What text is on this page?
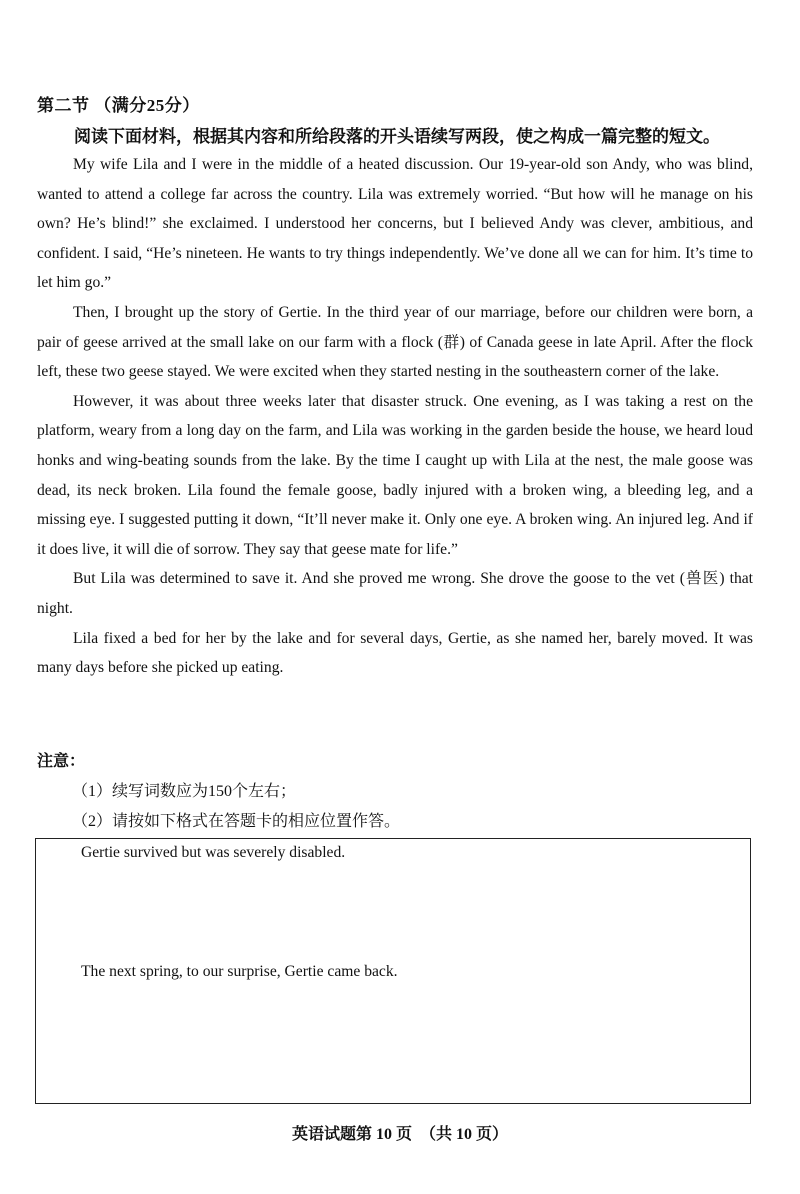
第二节 （满分25分）
阅读下面材料，根据其内容和所给段落的开头语续写两段，使之构成一篇完整的短文。

My wife Lila and I were in the middle of a heated discussion. Our 19-year-old son Andy, who was blind, wanted to attend a college far across the country. Lila was extremely worried. “But how will he manage on his own? He’s blind!” she exclaimed. I understood her concerns, but I believed Andy was clever, ambitious, and confident. I said, “He’s nineteen. He wants to try things independently. We’ve done all we can for him. It’s time to let him go.”

Then, I brought up the story of Gertie. In the third year of our marriage, before our children were born, a pair of geese arrived at the small lake on our farm with a flock (群) of Canada geese in late April. After the flock left, these two geese stayed. We were excited when they started nesting in the southeastern corner of the lake.

However, it was about three weeks later that disaster struck. One evening, as I was taking a rest on the platform, weary from a long day on the farm, and Lila was working in the garden beside the house, we heard loud honks and wing-beating sounds from the lake. By the time I caught up with Lila at the nest, the male goose was dead, its neck broken. Lila found the female goose, badly injured with a broken wing, a bleeding leg, and a missing eye. I suggested putting it down, “It’ll never make it. Only one eye. A broken wing. An injured leg. And if it does live, it will die of sorrow. They say that geese mate for life.”

But Lila was determined to save it. And she proved me wrong. She drove the goose to the vet (兽医) that night.

Lila fixed a bed for her by the lake and for several days, Gertie, as she named her, barely moved. It was many days before she picked up eating.

注意：
（1）续写词数应为150个左右；
（2）请按如下格式在答题卡的相应位置作答。
Gertie survived but was severely disabled.
The next spring, to our surprise, Gertie came back.
英语试题第 10 页　（共 10 页）
